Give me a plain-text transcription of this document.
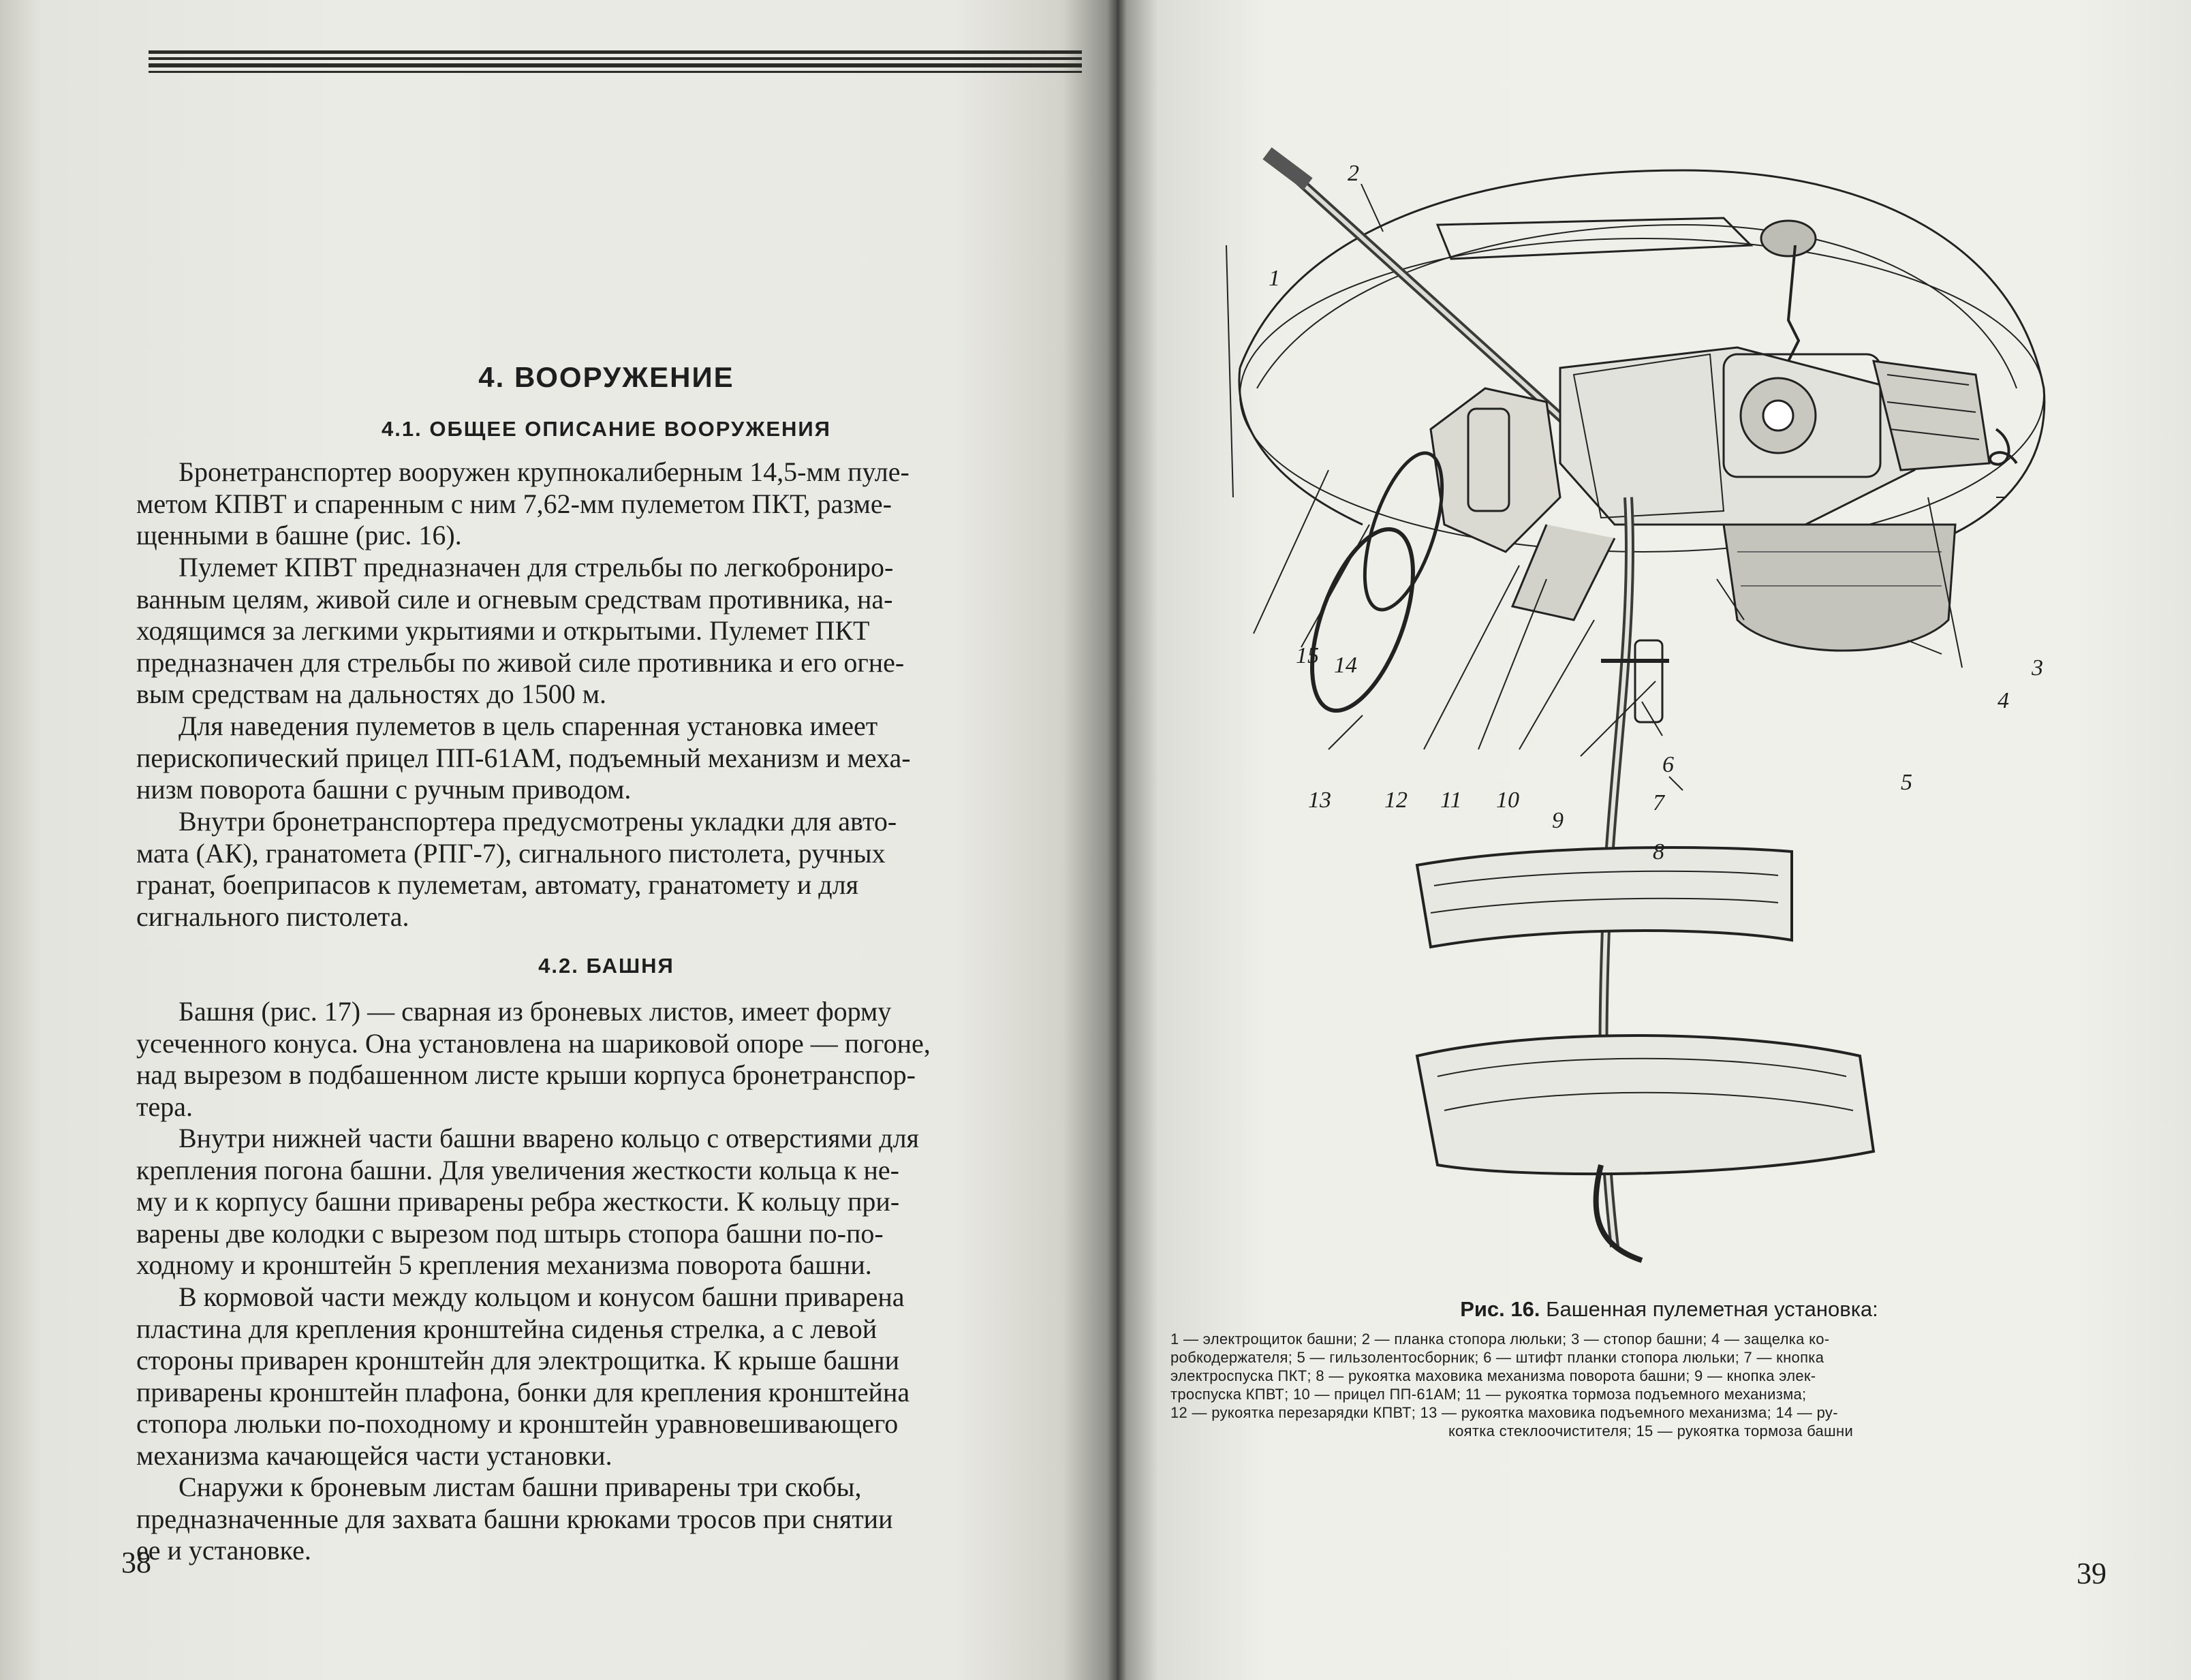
4. ВООРУЖЕНИЕ
4.1. ОБЩЕЕ ОПИСАНИЕ ВООРУЖЕНИЯ
Бронетранспортер вооружен крупнокалиберным 14,5-мм пуле-
метом КПВТ и спаренным с ним 7,62-мм пулеметом ПКТ, разме-
щенными в башне (рис. 16).
Пулемет КПВТ предназначен для стрельбы по легкоброниро-
ванным целям, живой силе и огневым средствам противника, на-
ходящимся за легкими укрытиями и открытыми. Пулемет ПКТ
предназначен для стрельбы по живой силе противника и его огне-
вым средствам на дальностях до 1500 м.
Для наведения пулеметов в цель спаренная установка имеет
перископический прицел ПП-61АМ, подъемный механизм и меха-
низм поворота башни с ручным приводом.
Внутри бронетранспортера предусмотрены укладки для авто-
мата (АК), гранатомета (РПГ-7), сигнального пистолета, ручных
гранат, боеприпасов к пулеметам, автомату, гранатомету и для
сигнального пистолета.
4.2. БАШНЯ
Башня (рис. 17) — сварная из броневых листов, имеет форму
усеченного конуса. Она установлена на шариковой опоре — погоне,
над вырезом в подбашенном листе крыши корпуса бронетранспор-
тера.
Внутри нижней части башни вварено кольцо с отверстиями для
крепления погона башни. Для увеличения жесткости кольца к не-
му и к корпусу башни приварены ребра жесткости. К кольцу при-
варены две колодки с вырезом под штырь стопора башни по-по-
ходному и кронштейн 5 крепления механизма поворота башни.
В кормовой части между кольцом и конусом башни приварена
пластина для крепления кронштейна сиденья стрелка, а с левой
стороны приварен кронштейн для электрощитка. К крыше башни
приварены кронштейн плафона, бонки для крепления кронштейна
стопора люльки по-походному и кронштейн уравновешивающего
механизма качающейся части установки.
Снаружи к броневым листам башни приварены три скобы,
предназначенные для захвата башни крюками тросов при снятии
ее и установке.
38
1
2
3
4
5
6
7
8
9
10
11
12
13
14
15
Рис. 16. Башенная пулеметная установка:
1 — электрощиток башни; 2 — планка стопора люльки; 3 — стопор башни; 4 — защелка ко-
робкодержателя; 5 — гильзолентосборник; 6 — штифт планки стопора люльки; 7 — кнопка
электроспуска ПКТ; 8 — рукоятка маховика механизма поворота башни; 9 — кнопка элек-
троспуска КПВТ; 10 — прицел ПП-61АМ; 11 — рукоятка тормоза подъемного механизма;
12 — рукоятка перезарядки КПВТ; 13 — рукоятка маховика подъемного механизма; 14 — ру-
коятка стеклоочистителя; 15 — рукоятка тормоза башни
39
